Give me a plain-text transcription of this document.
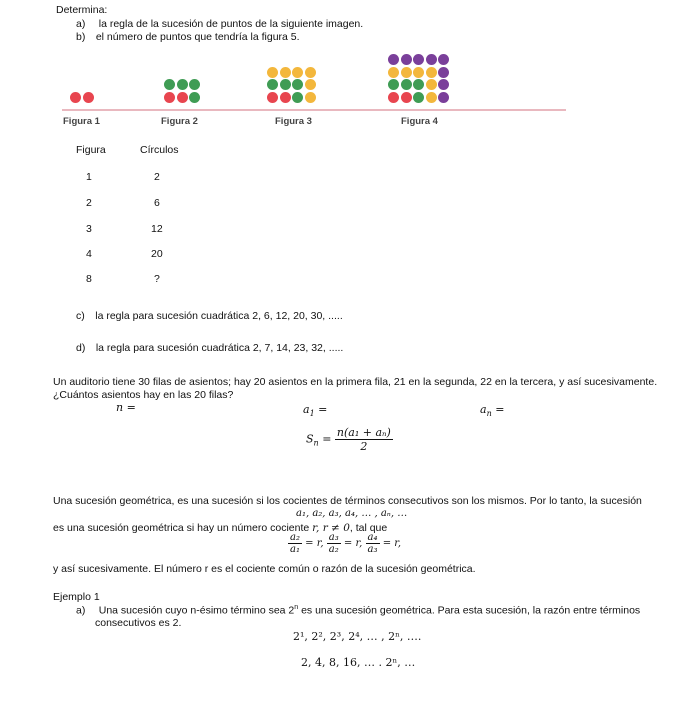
Determina:
a)  la regla de la sucesión de puntos de la siguiente imagen.
b) el número de puntos que tendría la figura 5.
Figura 1	Figura 2	Figura 3	Figura 4
Figura	Círculos
1	2
2	6
3	12
4	20
8	?
c) la regla para sucesión cuadrática 2, 6, 12, 20, 30, .....
d) la regla para sucesión cuadrática 2, 7, 14, 23, 32, .....
Un auditorio tiene 30 filas de asientos; hay 20 asientos en la primera fila, 21 en la segunda, 22 en la tercera, y así sucesivamente.
¿Cuántos asientos hay en las 20 filas?
n =	$a_1$ =	$a_n$ =
$S_n = \frac{\text{n(a₁ + aₙ)}}{2}$
Una sucesión geométrica, es una sucesión si los cocientes de términos consecutivos son los mismos. Por lo tanto, la sucesión
a₁, a₂, a₃, a₄, … , aₙ, …
es una sucesión geométrica si hay un número cociente r, r ≠ 0, tal que
$\frac{\text{a₂}}{\text{a₁}} = r$, $\frac{\text{a₃}}{\text{a₂}} = r$, $\frac{\text{a₄}}{\text{a₃}} = r$,
y así sucesivamente. El número r es el cociente común o razón de la sucesión geométrica.
Ejemplo 1
a)  Una sucesión cuyo n-ésimo término sea 2$^n$ es una sucesión geométrica. Para esta sucesión, la razón entre términos
consecutivos es 2.
2¹, 2², 2³, 2⁴, … , 2ⁿ, ….
2, 4, 8, 16, … . 2ⁿ, …
